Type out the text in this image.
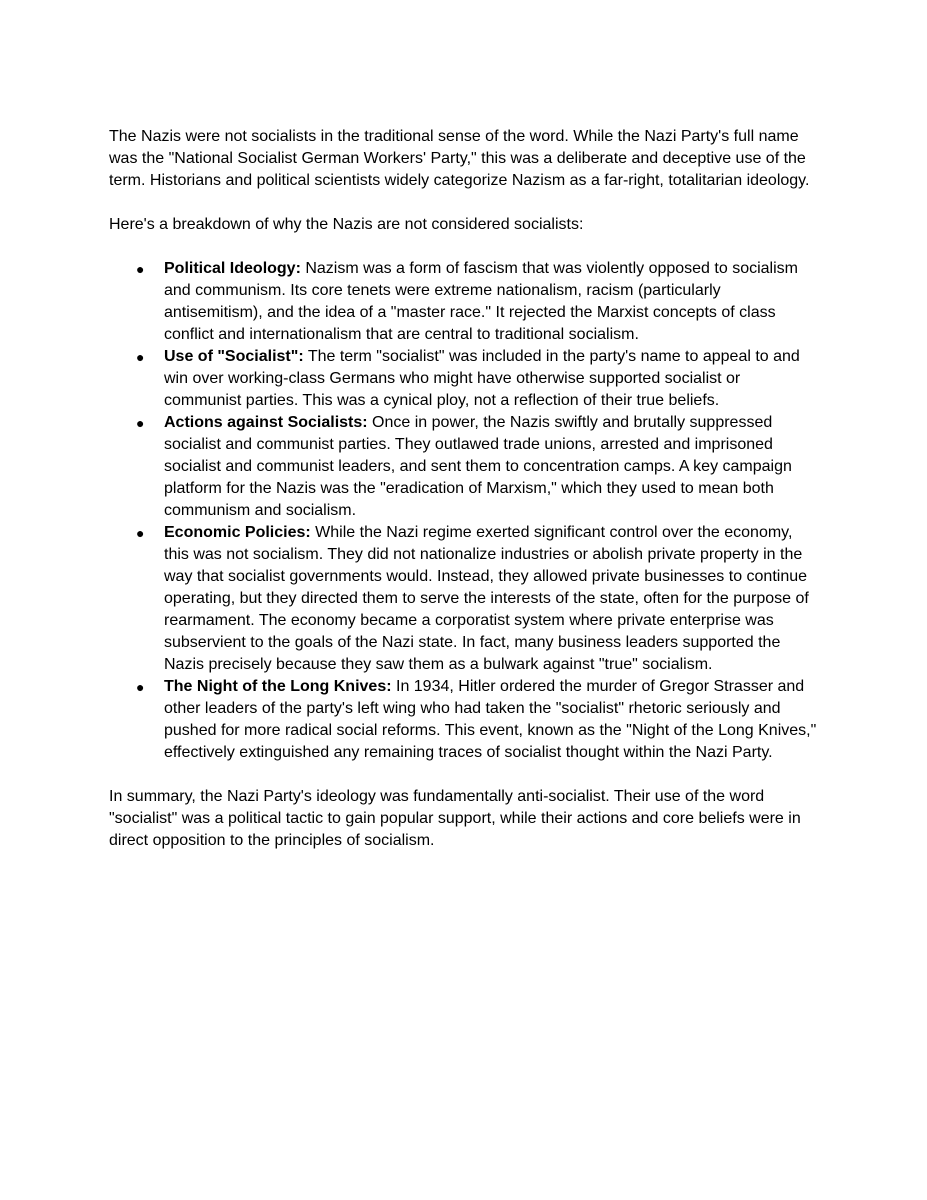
The Nazis were not socialists in the traditional sense of the word. While the Nazi Party's full name was the "National Socialist German Workers' Party," this was a deliberate and deceptive use of the term. Historians and political scientists widely categorize Nazism as a far-right, totalitarian ideology.

Here's a breakdown of why the Nazis are not considered socialists:

● Political Ideology: Nazism was a form of fascism that was violently opposed to socialism and communism. Its core tenets were extreme nationalism, racism (particularly antisemitism), and the idea of a "master race." It rejected the Marxist concepts of class conflict and internationalism that are central to traditional socialism.
● Use of "Socialist": The term "socialist" was included in the party's name to appeal to and win over working-class Germans who might have otherwise supported socialist or communist parties. This was a cynical ploy, not a reflection of their true beliefs.
● Actions against Socialists: Once in power, the Nazis swiftly and brutally suppressed socialist and communist parties. They outlawed trade unions, arrested and imprisoned socialist and communist leaders, and sent them to concentration camps. A key campaign platform for the Nazis was the "eradication of Marxism," which they used to mean both communism and socialism.
● Economic Policies: While the Nazi regime exerted significant control over the economy, this was not socialism. They did not nationalize industries or abolish private property in the way that socialist governments would. Instead, they allowed private businesses to continue operating, but they directed them to serve the interests of the state, often for the purpose of rearmament. The economy became a corporatist system where private enterprise was subservient to the goals of the Nazi state. In fact, many business leaders supported the Nazis precisely because they saw them as a bulwark against "true" socialism.
● The Night of the Long Knives: In 1934, Hitler ordered the murder of Gregor Strasser and other leaders of the party's left wing who had taken the "socialist" rhetoric seriously and pushed for more radical social reforms. This event, known as the "Night of the Long Knives," effectively extinguished any remaining traces of socialist thought within the Nazi Party.

In summary, the Nazi Party's ideology was fundamentally anti-socialist. Their use of the word "socialist" was a political tactic to gain popular support, while their actions and core beliefs were in direct opposition to the principles of socialism.
